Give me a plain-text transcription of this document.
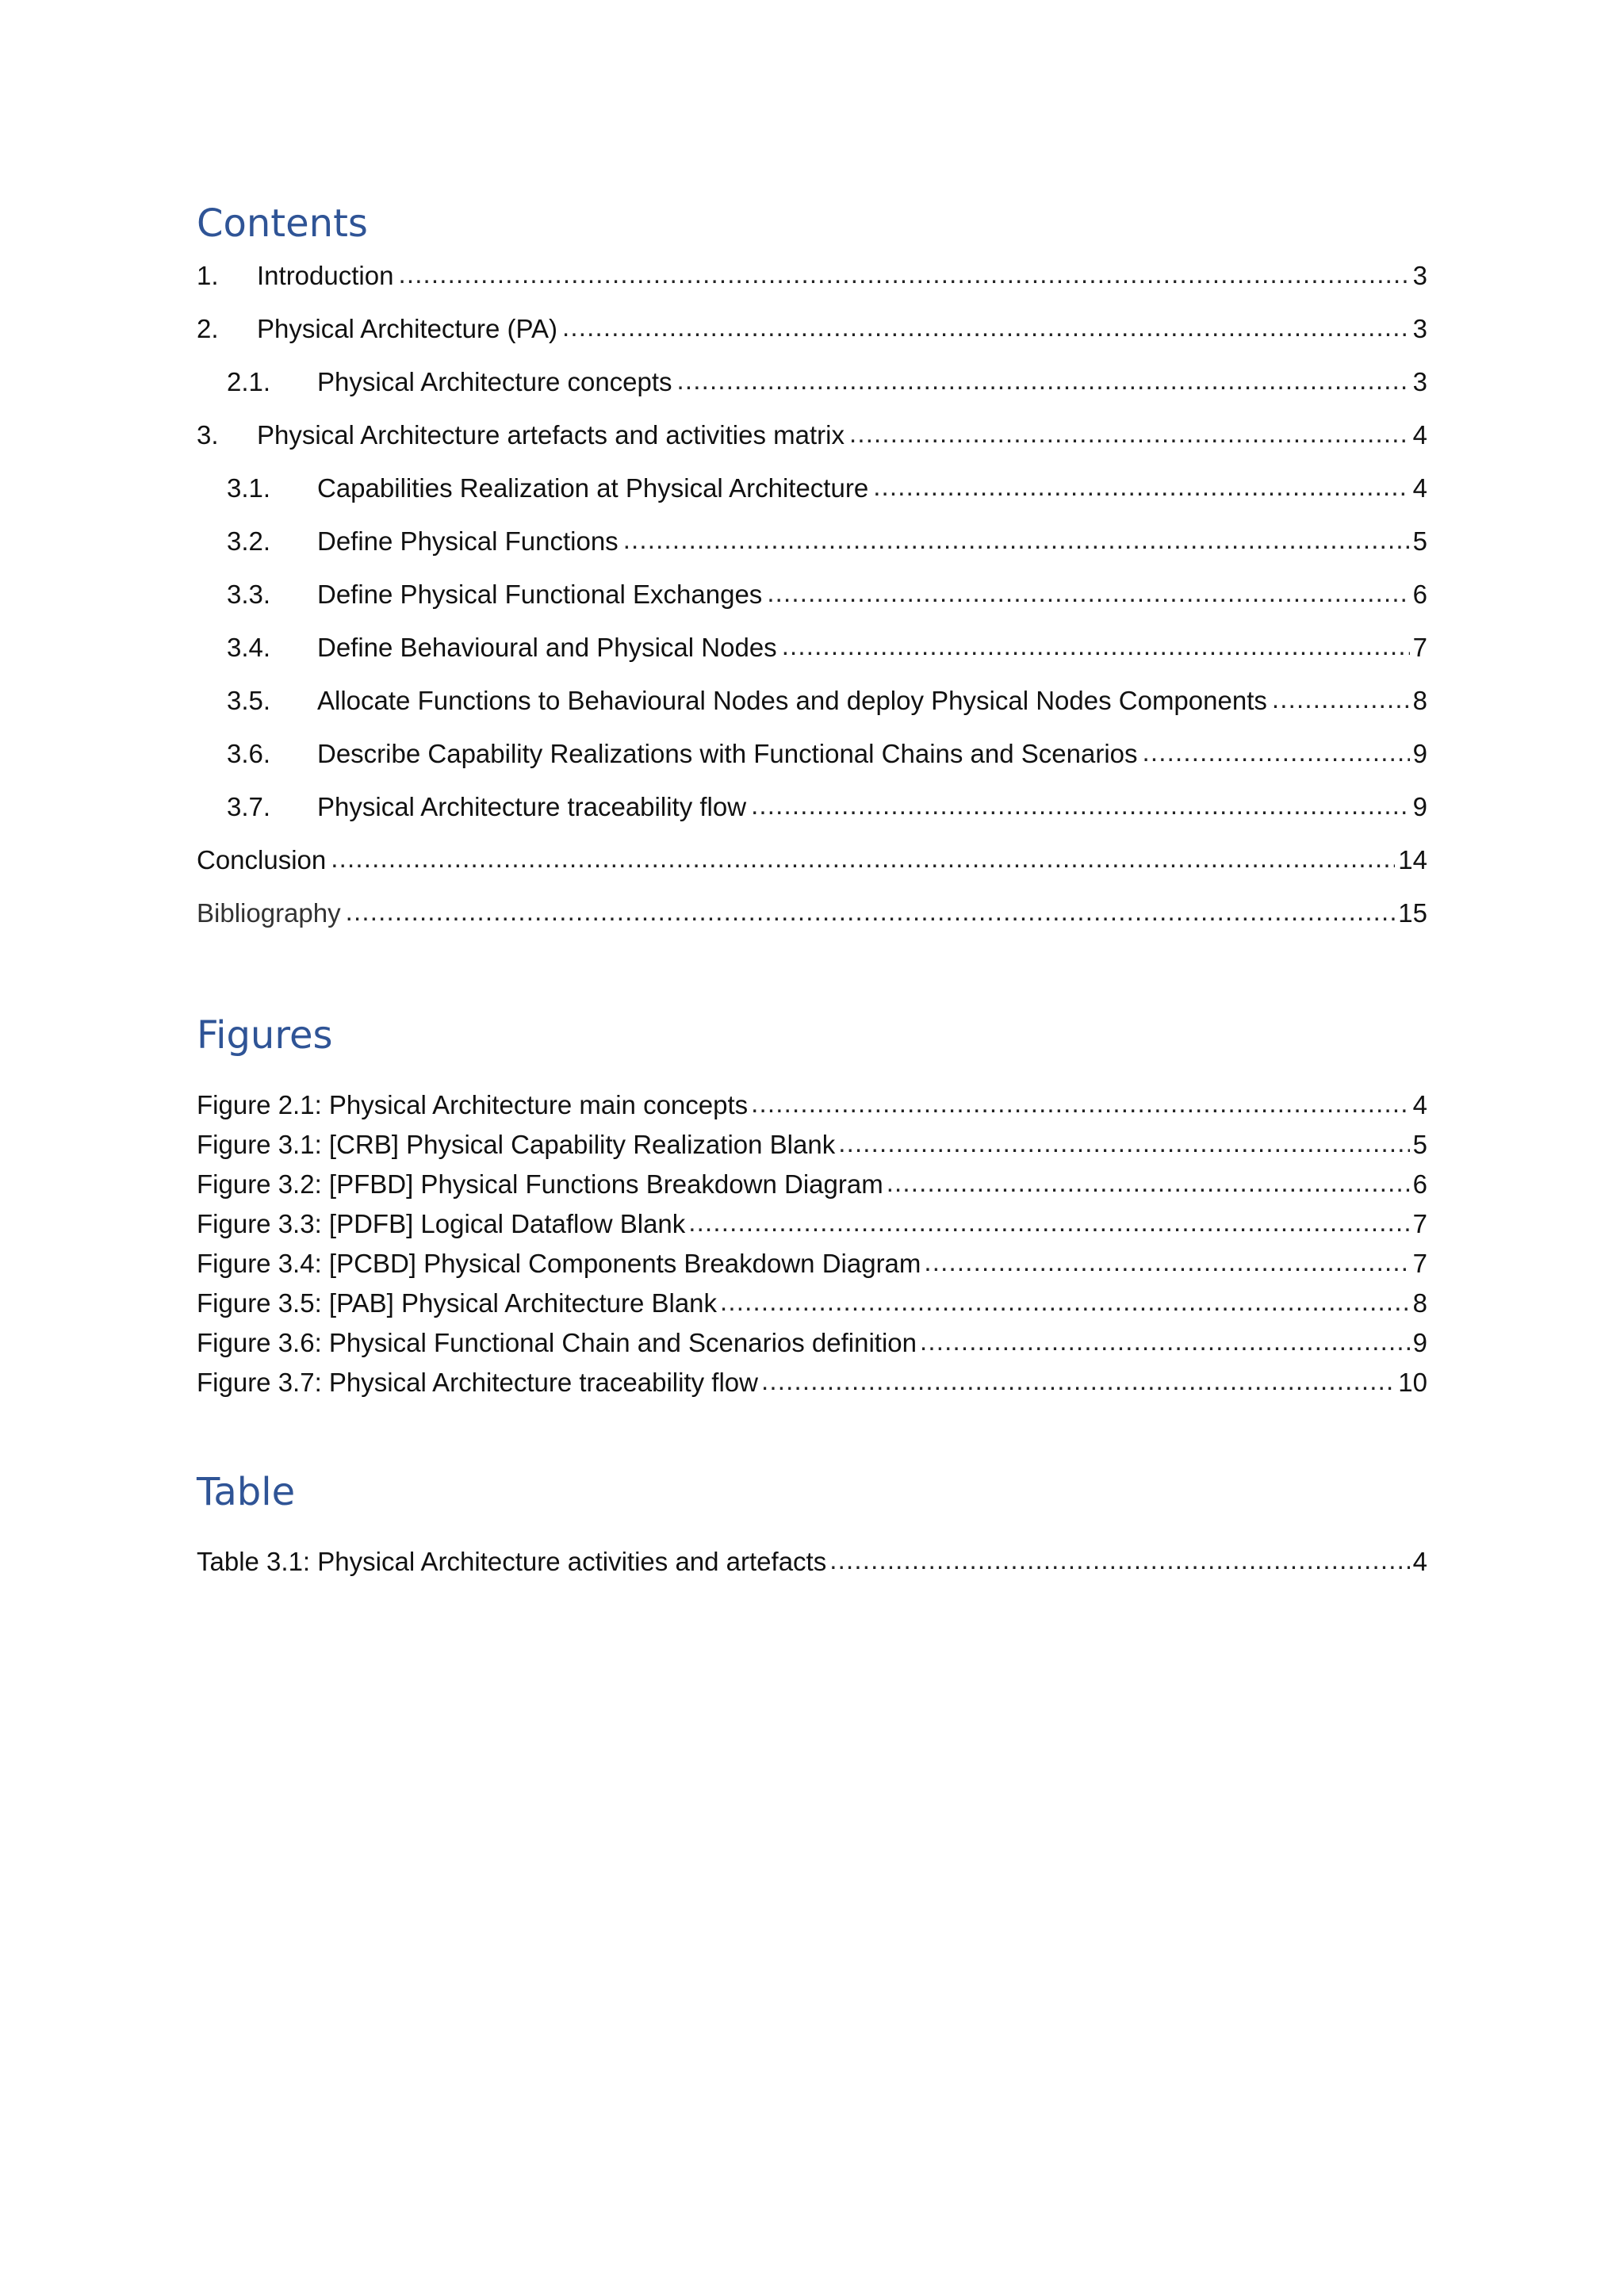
Contents
1.	Introduction .....	3
2.	Physical Architecture (PA) .....	3
2.1.	Physical Architecture concepts .....	3
3.	Physical Architecture artefacts and activities matrix .....	4
3.1.	Capabilities Realization at Physical Architecture .....	4
3.2.	Define Physical Functions .....	5
3.3.	Define Physical Functional Exchanges .....	6
3.4.	Define Behavioural and Physical Nodes .....	7
3.5.	Allocate Functions to Behavioural Nodes and deploy Physical Nodes Components .....	8
3.6.	Describe Capability Realizations with Functional Chains and Scenarios .....	9
3.7.	Physical Architecture traceability flow .....	9
Conclusion .....	14
Bibliography .....	15
Figures
Figure 2.1: Physical Architecture main concepts .....	4
Figure 3.1: [CRB] Physical Capability Realization Blank .....	5
Figure 3.2: [PFBD] Physical Functions Breakdown Diagram .....	6
Figure 3.3: [PDFB] Logical Dataflow Blank .....	7
Figure 3.4: [PCBD] Physical Components Breakdown Diagram .....	7
Figure 3.5: [PAB] Physical Architecture Blank .....	8
Figure 3.6: Physical Functional Chain and Scenarios definition .....	9
Figure 3.7: Physical Architecture traceability flow .....	10
Table
Table 3.1: Physical Architecture activities and artefacts .....	4
